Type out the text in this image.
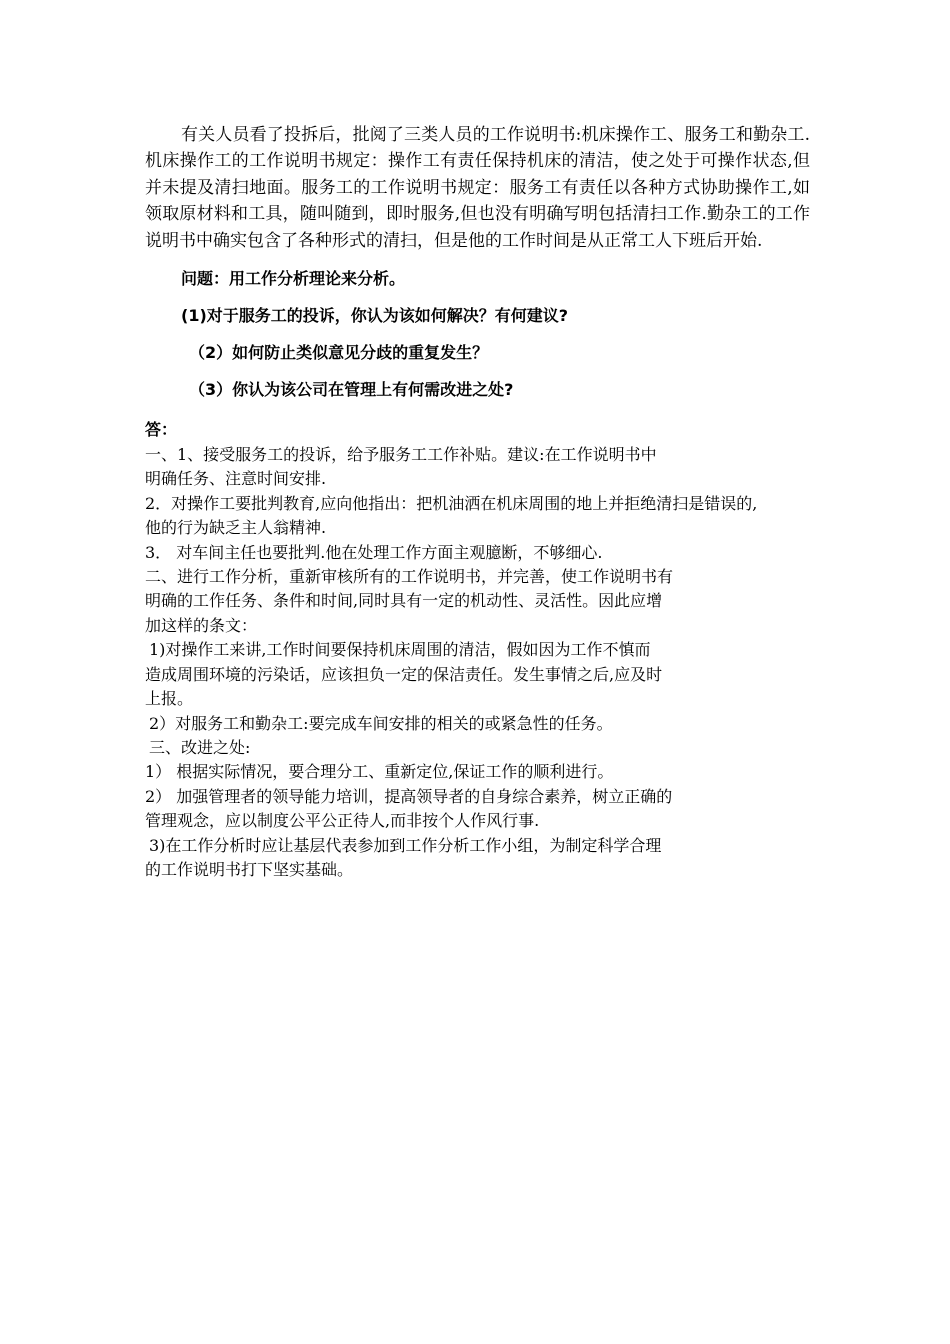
有关人员看了投拆后，批阅了三类人员的工作说明书:机床操作工、服务工和勤杂工.机床操作工的工作说明书规定：操作工有责任保持机床的清洁，使之处于可操作状态,但并未提及清扫地面。服务工的工作说明书规定：服务工有责任以各种方式协助操作工,如领取原材料和工具，随叫随到，即时服务,但也没有明确写明包括清扫工作.勤杂工的工作说明书中确实包含了各种形式的清扫，但是他的工作时间是从正常工人下班后开始.

问题：用工作分析理论来分析。

(1)对于服务工的投诉，你认为该如何解决？有何建议?

（2）如何防止类似意见分歧的重复发生？

（3）你认为该公司在管理上有何需改进之处?

答：

一、1、接受服务工的投诉，给予服务工工作补贴。建议:在工作说明书中

明确任务、注意时间安排.

2．对操作工要批判教育,应向他指出：把机油洒在机床周围的地上并拒绝清扫是错误的,

他的行为缺乏主人翁精神.

3． 对车间主任也要批判.他在处理工作方面主观臆断，不够细心.

二、进行工作分析，重新审核所有的工作说明书，并完善，使工作说明书有

明确的工作任务、条件和时间,同时具有一定的机动性、灵活性。因此应增

加这样的条文：

1)对操作工来讲,工作时间要保持机床周围的清洁，假如因为工作不慎而

造成周围环境的污染话，应该担负一定的保洁责任。发生事情之后,应及时

上报。

2）对服务工和勤杂工:要完成车间安排的相关的或紧急性的任务。

三、改进之处:

1） 根据实际情况，要合理分工、重新定位,保证工作的顺利进行。

2） 加强管理者的领导能力培训，提高领导者的自身综合素养，树立正确的

管理观念，应以制度公平公正待人,而非按个人作风行事.

3)在工作分析时应让基层代表参加到工作分析工作小组，为制定科学合理

的工作说明书打下坚实基础。
